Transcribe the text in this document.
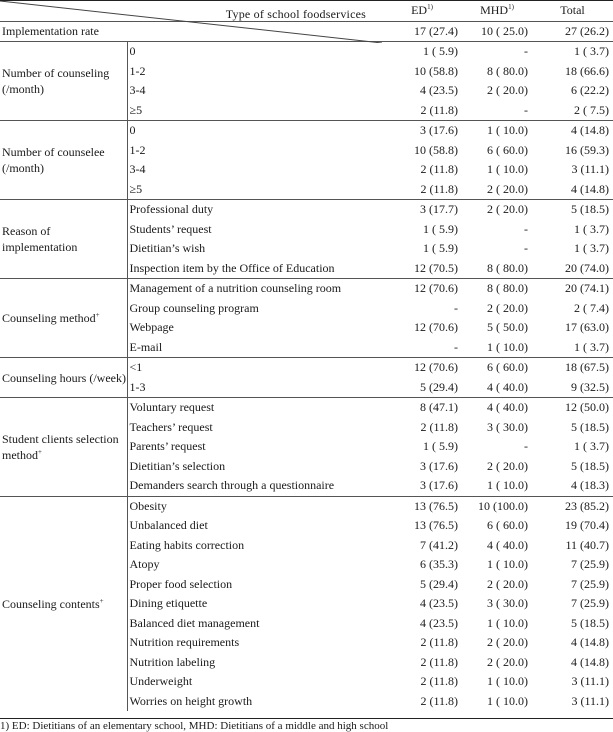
Type of school foodservices		ED$^{1)}$	MHD$^{1)}$	Total
Implementation rate		17 (27.4)	10 ( 25.0)	27 (26.2)
Number of counseling (/month)	0	1 ( 5.9)	-	1 ( 3.7)
	1-2	10 (58.8)	8 ( 80.0)	18 (66.6)
	3-4	4 (23.5)	2 ( 20.0)	6 (22.2)
	≥5	2 (11.8)	-	2 ( 7.5)
Number of counselee (/month)	0	3 (17.6)	1 ( 10.0)	4 (14.8)
	1-2	10 (58.8)	6 ( 60.0)	16 (59.3)
	3-4	2 (11.8)	1 ( 10.0)	3 (11.1)
	≥5	2 (11.8)	2 ( 20.0)	4 (14.8)
Reason of implementation	Professional duty	3 (17.7)	2 ( 20.0)	5 (18.5)
	Students’ request	1 ( 5.9)	-	1 ( 3.7)
	Dietitian’s wish	1 ( 5.9)	-	1 ( 3.7)
	Inspection item by the Office of Education	12 (70.5)	8 ( 80.0)	20 (74.0)
Counseling method+	Management of a nutrition counseling room	12 (70.6)	8 ( 80.0)	20 (74.1)
	Group counseling program	-	2 ( 20.0)	2 ( 7.4)
	Webpage	12 (70.6)	5 ( 50.0)	17 (63.0)
	E-mail	-	1 ( 10.0)	1 ( 3.7)
Counseling hours (/week)	<1	12 (70.6)	6 ( 60.0)	18 (67.5)
	1-3	5 (29.4)	4 ( 40.0)	9 (32.5)
Student clients selection method+	Voluntary request	8 (47.1)	4 ( 40.0)	12 (50.0)
	Teachers’ request	2 (11.8)	3 ( 30.0)	5 (18.5)
	Parents’ request	1 ( 5.9)	-	1 ( 3.7)
	Dietitian’s selection	3 (17.6)	2 ( 20.0)	5 (18.5)
	Demanders search through a questionnaire	3 (17.6)	1 ( 10.0)	4 (18.3)
Counseling contents+	Obesity	13 (76.5)	10 (100.0)	23 (85.2)
	Unbalanced diet	13 (76.5)	6 ( 60.0)	19 (70.4)
	Eating habits correction	7 (41.2)	4 ( 40.0)	11 (40.7)
	Atopy	6 (35.3)	1 ( 10.0)	7 (25.9)
	Proper food selection	5 (29.4)	2 ( 20.0)	7 (25.9)
	Dining etiquette	4 (23.5)	3 ( 30.0)	7 (25.9)
	Balanced diet management	4 (23.5)	1 ( 10.0)	5 (18.5)
	Nutrition requirements	2 (11.8)	2 ( 20.0)	4 (14.8)
	Nutrition labeling	2 (11.8)	2 ( 20.0)	4 (14.8)
	Underweight	2 (11.8)	1 ( 10.0)	3 (11.1)
	Worries on height growth	2 (11.8)	1 ( 10.0)	3 (11.1)
1) ED: Dietitians of an elementary school, MHD: Dietitians of a middle and high school
